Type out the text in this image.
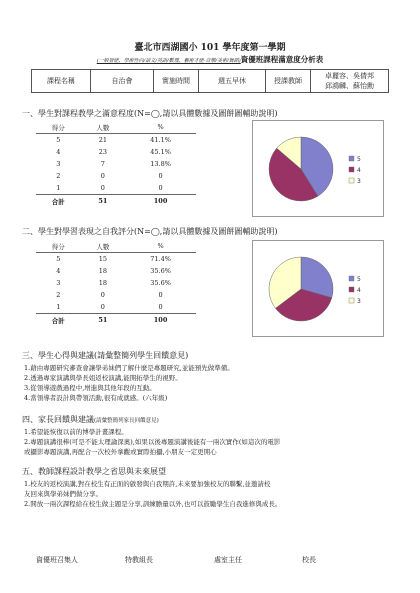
臺北市西湖國小 101 學年度第一學期
(一般智能、學術性向/語文/英語/數理、藝術才能-音樂/美術/舞蹈)資優班課程滿意度分析表
課程名稱	自治會	實施時間	週五早休	授課教師	
卓麗容、吳倩邦
邱鴻麟、蘇怡勳
一、學生對課程教學之滿意程度(N=◯,請以具體數據及圖餅圖輔助說明)
得分	人數	%
5	21	41.1%
4	23	45.1%
3	7	13.8%
2	0	0
1	0	0
合計	51	100
5
4
3
二、學生對學習表現之自我評分(N=◯,請以具體數據及圖餅圖輔助說明)
得分	人數	%
5	15	71.4%
4	18	35.6%
3	18	35.6%
2	0	0
1	0	0
合計	51	100
5
4
3
三、學生心得與建議(請彙整簡列學生回饋意見)
1.藉由專題研究審查會讓學弟妹們了解什麼是專題研究,並能預先做準備。
2.透過專家演講與學長姐返校演講,能開拓學生的視野。
3.從領導遊戲過程中,增進與其他年段的互動。
4.當領導者設計與帶領活動,很有成就感。(六年級)
四、家長回饋與建議(請彙整簡列家長回饋意見)
1.希望能恢復以前的博學計畫課程。
2.專題演講很棒(可是不能太理論深奧),如果以後專題演講後能有一兩次實作(如這次的電影
或攝影專題演講,再配合一次校外拿觀或實際拍攝,小朋友一定更開心
五、教師課程設計教學之省思與未來展望
1.校友的返校演講,對在校生有正面的啟發與自我期許,未來要加強校友的聯繫,並邀請校
友回來與學弟妹們做分享。
2.開放一兩次課程給在校生做主題是分享,訓練膽量以外,也可以鼓勵學生自我進修與成長。
資優班召集人	特教組長	處室主任	校長
